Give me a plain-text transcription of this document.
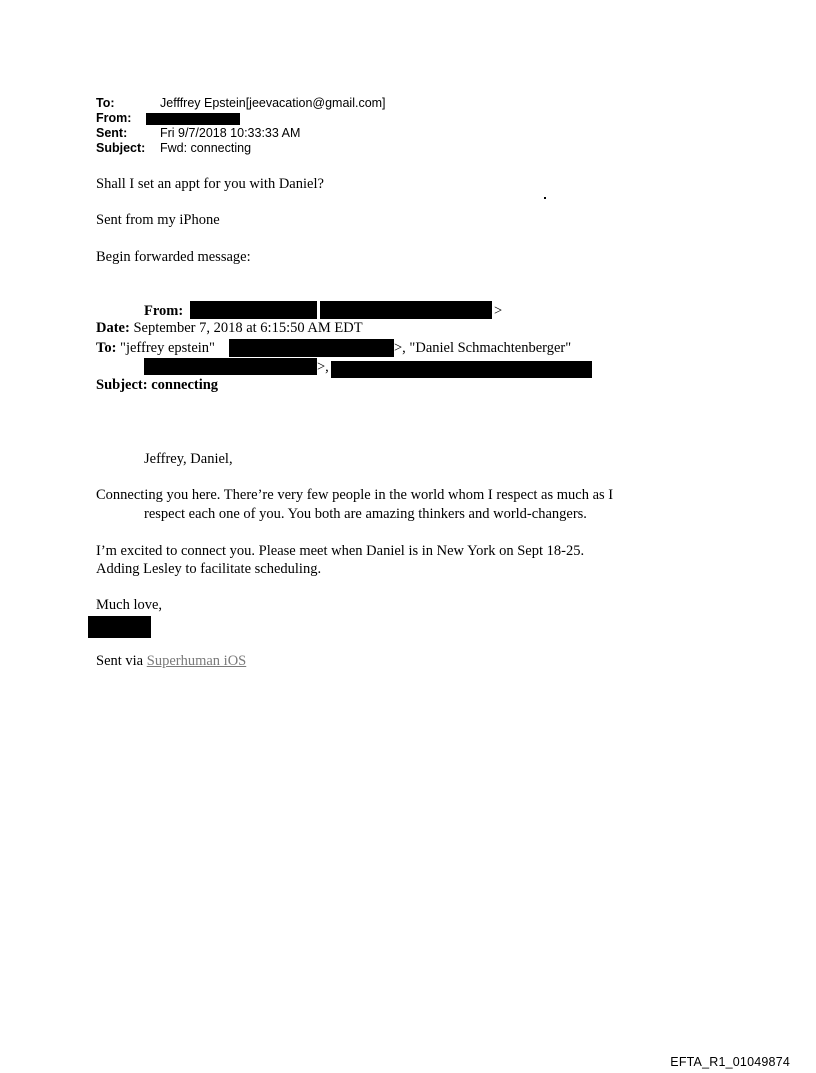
To:	Jefffrey Epstein[jeevacation@gmail.com]
From:
Sent:	Fri 9/7/2018 10:33:33 AM
Subject:	Fwd: connecting
Shall I set an appt for you with Daniel?
Sent from my iPhone
Begin forwarded message:
From:	>
Date: September 7, 2018 at 6:15:50 AM EDT
To: "jeffrey epstein"	>, "Daniel Schmachtenberger"
>,
Subject: connecting
Jeffrey, Daniel,
Connecting you here. There’re very few people in the world whom I respect as much as I
respect each one of you. You both are amazing thinkers and world-changers.
I’m excited to connect you. Please meet when Daniel is in New York on Sept 18-25.
Adding Lesley to facilitate scheduling.
Much love,
Sent via Superhuman iOS
EFTA_R1_01049874
